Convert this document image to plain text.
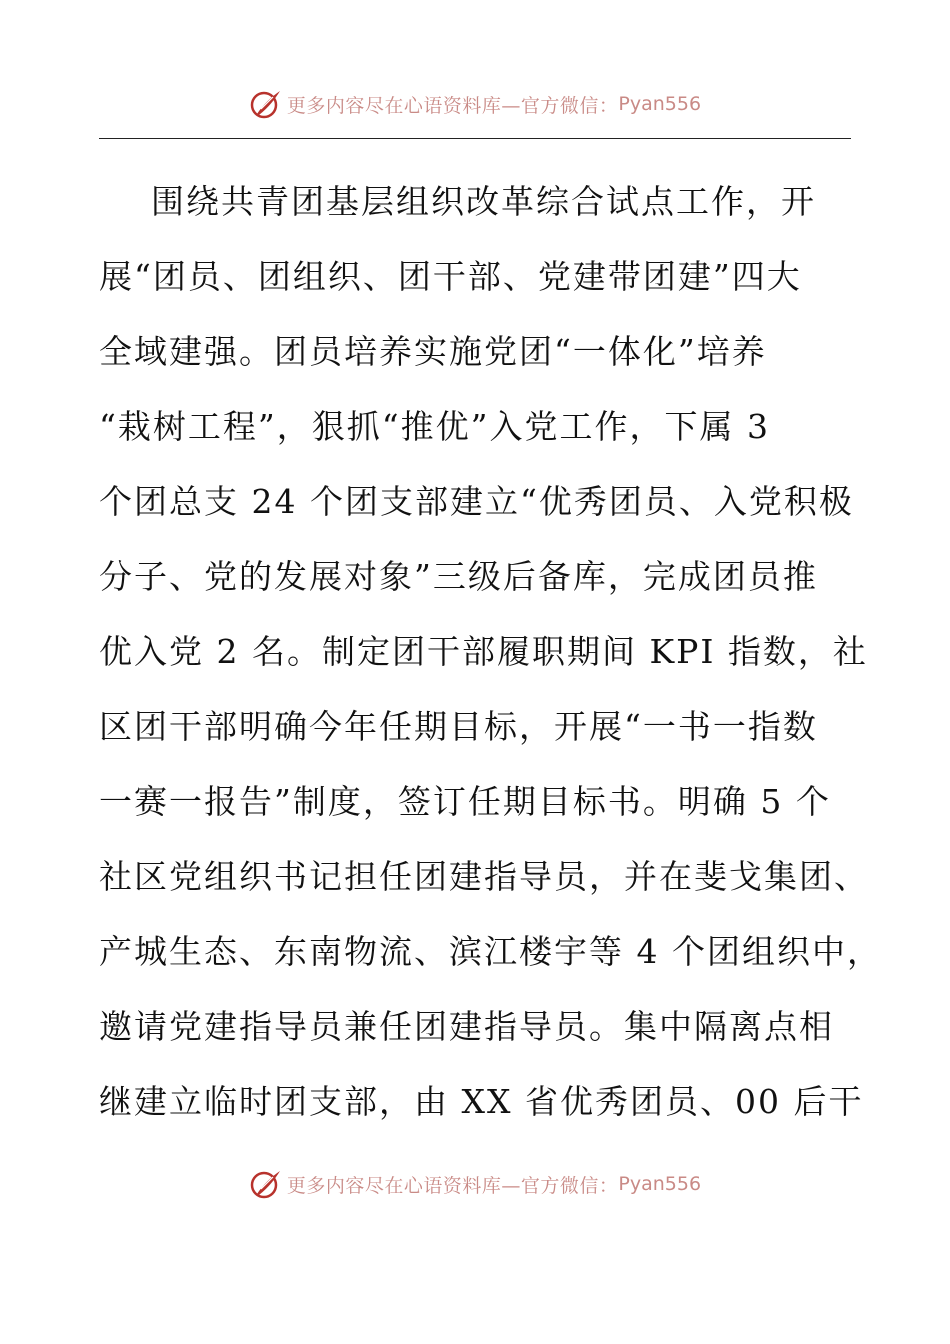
更多内容尽在心语资料库—官方微信： Pyan556
围绕共青团基层组织改革综合试点工作，开
展“团员、团组织、团干部、党建带团建”四大
全域建强。团员培养实施党团“一体化”培养
“栽树工程”，狠抓“推优”入党工作，下属 3
个团总支 24 个团支部建立“优秀团员、入党积极
分子、党的发展对象”三级后备库，完成团员推
优入党 2 名。制定团干部履职期间 KPI 指数，社
区团干部明确今年任期目标，开展“一书一指数
一赛一报告”制度，签订任期目标书。明确 5 个
社区党组织书记担任团建指导员，并在斐戈集团、
产城生态、东南物流、滨江楼宇等 4 个团组织中，
邀请党建指导员兼任团建指导员。集中隔离点相
继建立临时团支部，由 XX 省优秀团员、00 后干
更多内容尽在心语资料库—官方微信： Pyan556
